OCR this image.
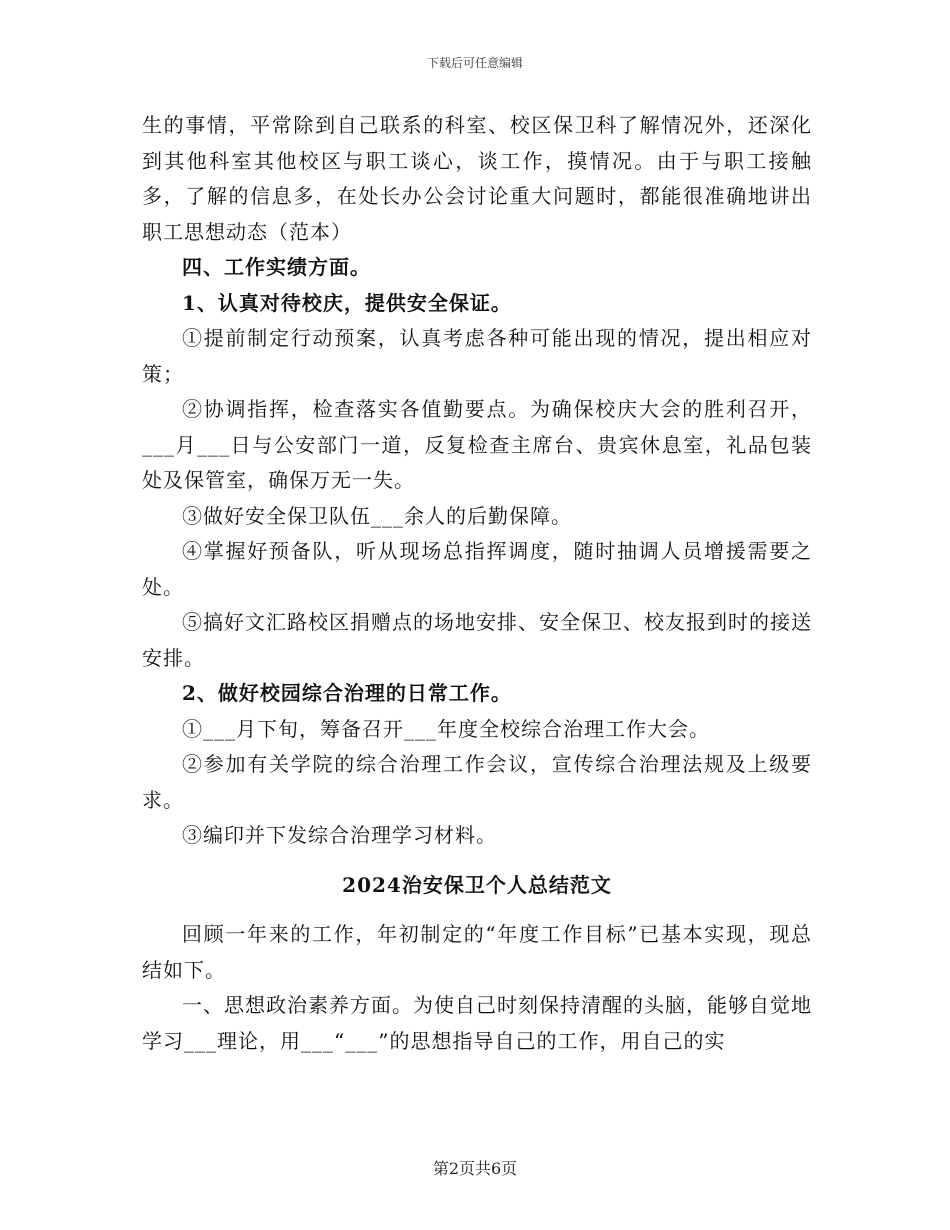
下载后可任意编辑

生的事情，平常除到自己联系的科室、校区保卫科了解情况外，还深化到其他科室其他校区与职工谈心，谈工作，摸情况。由于与职工接触多，了解的信息多，在处长办公会讨论重大问题时，都能很准确地讲出职工思想动态（范本）

四、工作实绩方面。

1、认真对待校庆，提供安全保证。

①提前制定行动预案，认真考虑各种可能出现的情况，提出相应对策；

②协调指挥，检查落实各值勤要点。为确保校庆大会的胜利召开，___月___日与公安部门一道，反复检查主席台、贵宾休息室，礼品包装处及保管室，确保万无一失。

③做好安全保卫队伍___余人的后勤保障。

④掌握好预备队，听从现场总指挥调度，随时抽调人员增援需要之处。

⑤搞好文汇路校区捐赠点的场地安排、安全保卫、校友报到时的接送安排。

2、做好校园综合治理的日常工作。

①___月下旬，筹备召开___年度全校综合治理工作大会。

②参加有关学院的综合治理工作会议，宣传综合治理法规及上级要求。

③编印并下发综合治理学习材料。

2024治安保卫个人总结范文

回顾一年来的工作，年初制定的“年度工作目标”已基本实现，现总结如下。

一、思想政治素养方面。为使自己时刻保持清醒的头脑，能够自觉地学习___理论，用___“___”的思想指导自己的工作，用自己的实

第2页共6页
